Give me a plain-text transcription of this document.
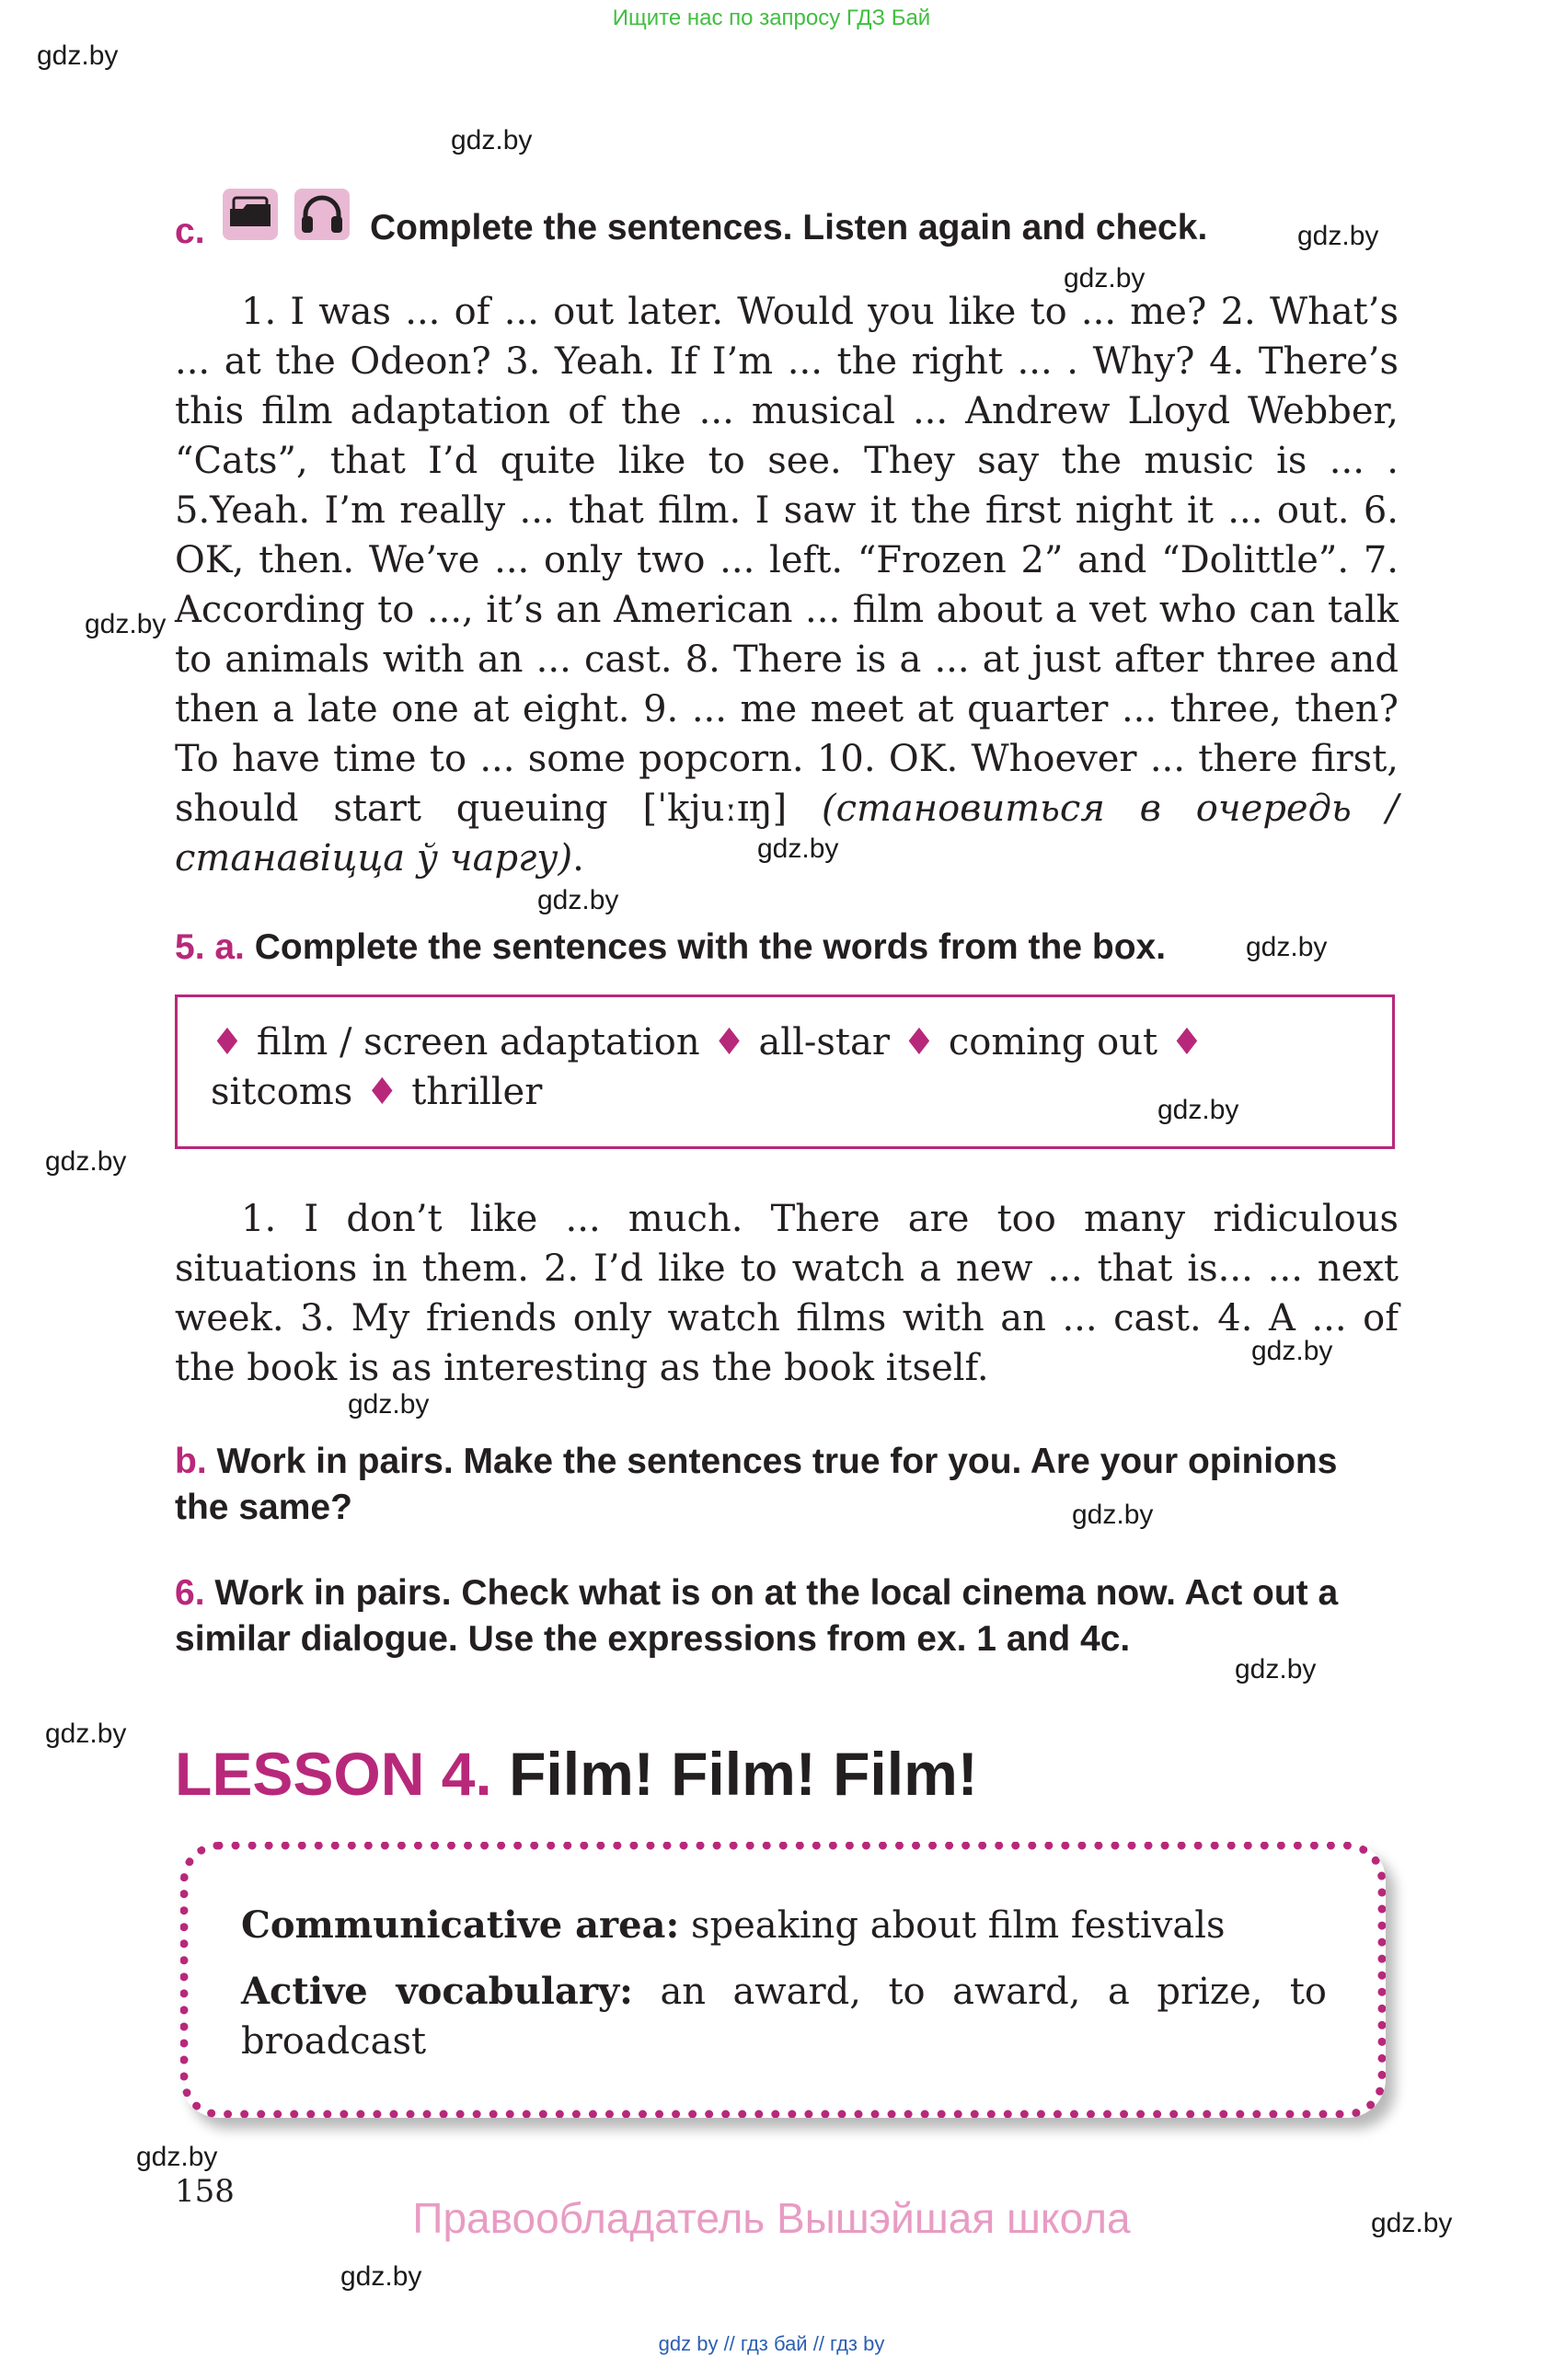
Ищите нас по запросу ГДЗ Бай
gdz.by
gdz.by
gdz.by
gdz.by
gdz.by
gdz.by
gdz.by
gdz.by
gdz.by
gdz.by
gdz.by
gdz.by
gdz.by
gdz.by
gdz.by
gdz.by
gdz.by
gdz.by
c.	Complete the sentences. Listen again and check.

1. I was ... of ... out later. Would you like to ... me? 2. What’s ... at the Odeon? 3. Yeah. If I’m ... the right ... . Why? 4. There’s this film adaptation of the ... musical ... Andrew Lloyd Webber, “Cats”, that I’d quite like to see. They say the music is ... . 5.Yeah. I’m really ... that film. I saw it the first night it ... out. 6. OK, then. We’ve ... only two ... left. “Frozen 2” and “Dolittle”. 7. According to ..., it’s an American ... film about a vet who can talk to animals with an ... cast. 8. There is a ... at just after three and then a late one at eight. 9. ... me meet at quarter ... three, then? To have time to ... some popcorn. 10. OK. Whoever ... there first, should start queuing [ˈkjuːɪŋ] (становиться в очередь / станавіцца ў чаргу).

5. a. Complete the sentences with the words from the box.
♦ film / screen adaptation ♦ all-star ♦ coming out ♦
sitcoms ♦ thriller

1. I don’t like ... much. There are too many ridiculous situations in them. 2. I’d like to watch a new ... that is... ... next week. 3. My friends only watch films with an ... cast. 4. A ... of the book is as interesting as the book itself.

b. Work in pairs. Make the sentences true for you. Are your opinions the same?
6. Work in pairs. Check what is on at the local cinema now. Act out a similar dialogue. Use the expressions from ex. 1 and 4c.
LESSON 4. Film! Film! Film!
Communicative area: speaking about film festivals
Active vocabulary: an award, to award, a prize, to broadcast
158
Правообладатель Вышэйшая школа
gdz by // гдз бай // гдз by
